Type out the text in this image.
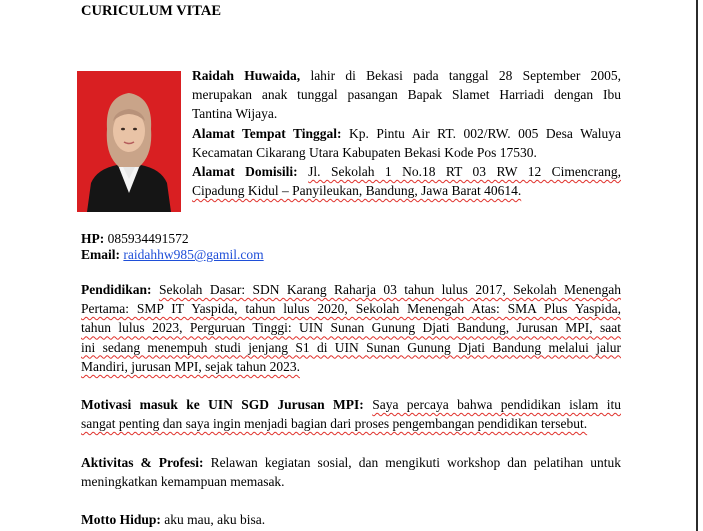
CURICULUM VITAE
Raidah Huwaida, lahir di Bekasi pada tanggal 28 September 2005,
merupakan anak tunggal pasangan Bapak Slamet Harriadi dengan Ibu
Tantina Wijaya.
Alamat Tempat Tinggal: Kp. Pintu Air RT. 002/RW. 005 Desa Waluya
Kecamatan Cikarang Utara Kabupaten Bekasi Kode Pos 17530.
Alamat Domisili: Jl. Sekolah 1 No.18 RT 03 RW 12 Cimencrang,
Cipadung Kidul – Panyileukan, Bandung, Jawa Barat 40614.
HP: 085934491572
Email: raidahhw985@gamil.com
Pendidikan: Sekolah Dasar: SDN Karang Raharja 03 tahun lulus 2017, Sekolah Menengah
Pertama: SMP IT Yaspida, tahun lulus 2020, Sekolah Menengah Atas: SMA Plus Yaspida,
tahun lulus 2023, Perguruan Tinggi: UIN Sunan Gunung Djati Bandung, Jurusan MPI, saat
ini sedang menempuh studi jenjang S1 di UIN Sunan Gunung Djati Bandung melalui jalur
Mandiri, jurusan MPI, sejak tahun 2023.
Motivasi masuk ke UIN SGD Jurusan MPI: Saya percaya bahwa pendidikan islam itu
sangat penting dan saya ingin menjadi bagian dari proses pengembangan pendidikan tersebut.
Aktivitas & Profesi: Relawan kegiatan sosial, dan mengikuti workshop dan pelatihan untuk
meningkatkan kemampuan memasak.
Motto Hidup: aku mau, aku bisa.
